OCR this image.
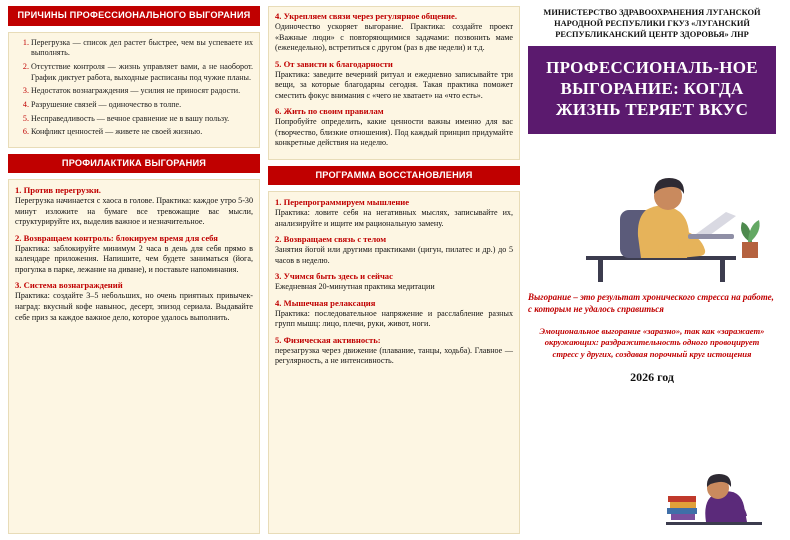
ПРИЧИНЫ ПРОФЕССИОНАЛЬНОГО ВЫГОРАНИЯ
1. Перегрузка — список дел растет быстрее, чем вы успеваете их выполнять.
2. Отсутствие контроля — жизнь управляет вами, а не наоборот. График диктует работа, выходные расписаны под чужие планы.
3. Недостаток вознаграждения — усилия не приносят радости.
4. Разрушение связей — одиночество в толпе.
5. Несправедливость — вечное сравнение не в вашу пользу.
6. Конфликт ценностей — живете не своей жизнью.
ПРОФИЛАКТИКА ВЫГОРАНИЯ
1. Против перегрузки.
Перегрузка начинается с хаоса в голове. Практика: каждое утро 5-30 минут изложите на бумаге все тревожащие вас мысли, структурируйте их, выделив важное и незначительное.
2. Возвращаем контроль: блокируем время для себя
Практика: заблокируйте минимум 2 часа в день для себя прямо в календаре приложения. Напишите, чем будете заниматься (йога, прогулка в парке, лежание на диване), и поставьте напоминания.
3. Система вознаграждений
Практика: создайте 3–5 небольших, но очень приятных привычек-наград: вкусный кофе навынос, десерт, эпизод сериала. Выдавайте себе приз за каждое важное дело, которое удалось выполнить.
4. Укрепляем связи через регулярное общение.
Одиночество ускоряет выгорание. Практика: создайте проект «Важные люди» с повторяющимися задачами: позвонить маме (еженедельно), встретиться с другом (раз в две недели) и т.д.
5. От зависти к благодарности
Практика: заведите вечерний ритуал и ежедневно записывайте три вещи, за которые благодарны сегодня. Такая практика поможет сместить фокус внимания с «чего не хватает» на «что есть».
6. Жить по своим правилам
Попробуйте определить, какие ценности важны именно для вас (творчество, близкие отношения). Под каждый принцип придумайте конкретные действия на неделю.
ПРОГРАММА ВОССТАНОВЛЕНИЯ
1. Перепрограммируем мышление
Практика: ловите себя на негативных мыслях, записывайте их, анализируйте и ищите им рациональную замену.
2. Возвращаем связь с телом
Занятия йогой или другими практиками (цигун, пилатес и др.) до 5 часов в неделю.
3. Учимся быть здесь и сейчас
Ежедневная 20-минутная практика медитации
4. Мышечная релаксация
Практика: последовательное напряжение и расслабление разных групп мышц: лицо, плечи, руки, живот, ноги.
5. Физическая активность:
перезагрузка через движение (плавание, танцы, ходьба). Главное — регулярность, а не интенсивность.
МИНИСТЕРСТВО ЗДРАВООХРАНЕНИЯ ЛУГАНСКОЙ НАРОДНОЙ РЕСПУБЛИКИ ГКУЗ «ЛУГАНСКИЙ РЕСПУБЛИКАНСКИЙ ЦЕНТР ЗДОРОВЬЯ» ЛНР
ПРОФЕССИОНАЛЬ-НОЕ ВЫГОРАНИЕ: КОГДА ЖИЗНЬ ТЕРЯЕТ ВКУС
Выгорание – это результат хронического стресса на работе, с которым не удалось справиться
Эмоциональное выгорание «заразно», так как «заражает» окружающих: раздражительность одного провоцирует стресс у других, создавая порочный круг истощения
2026 год
